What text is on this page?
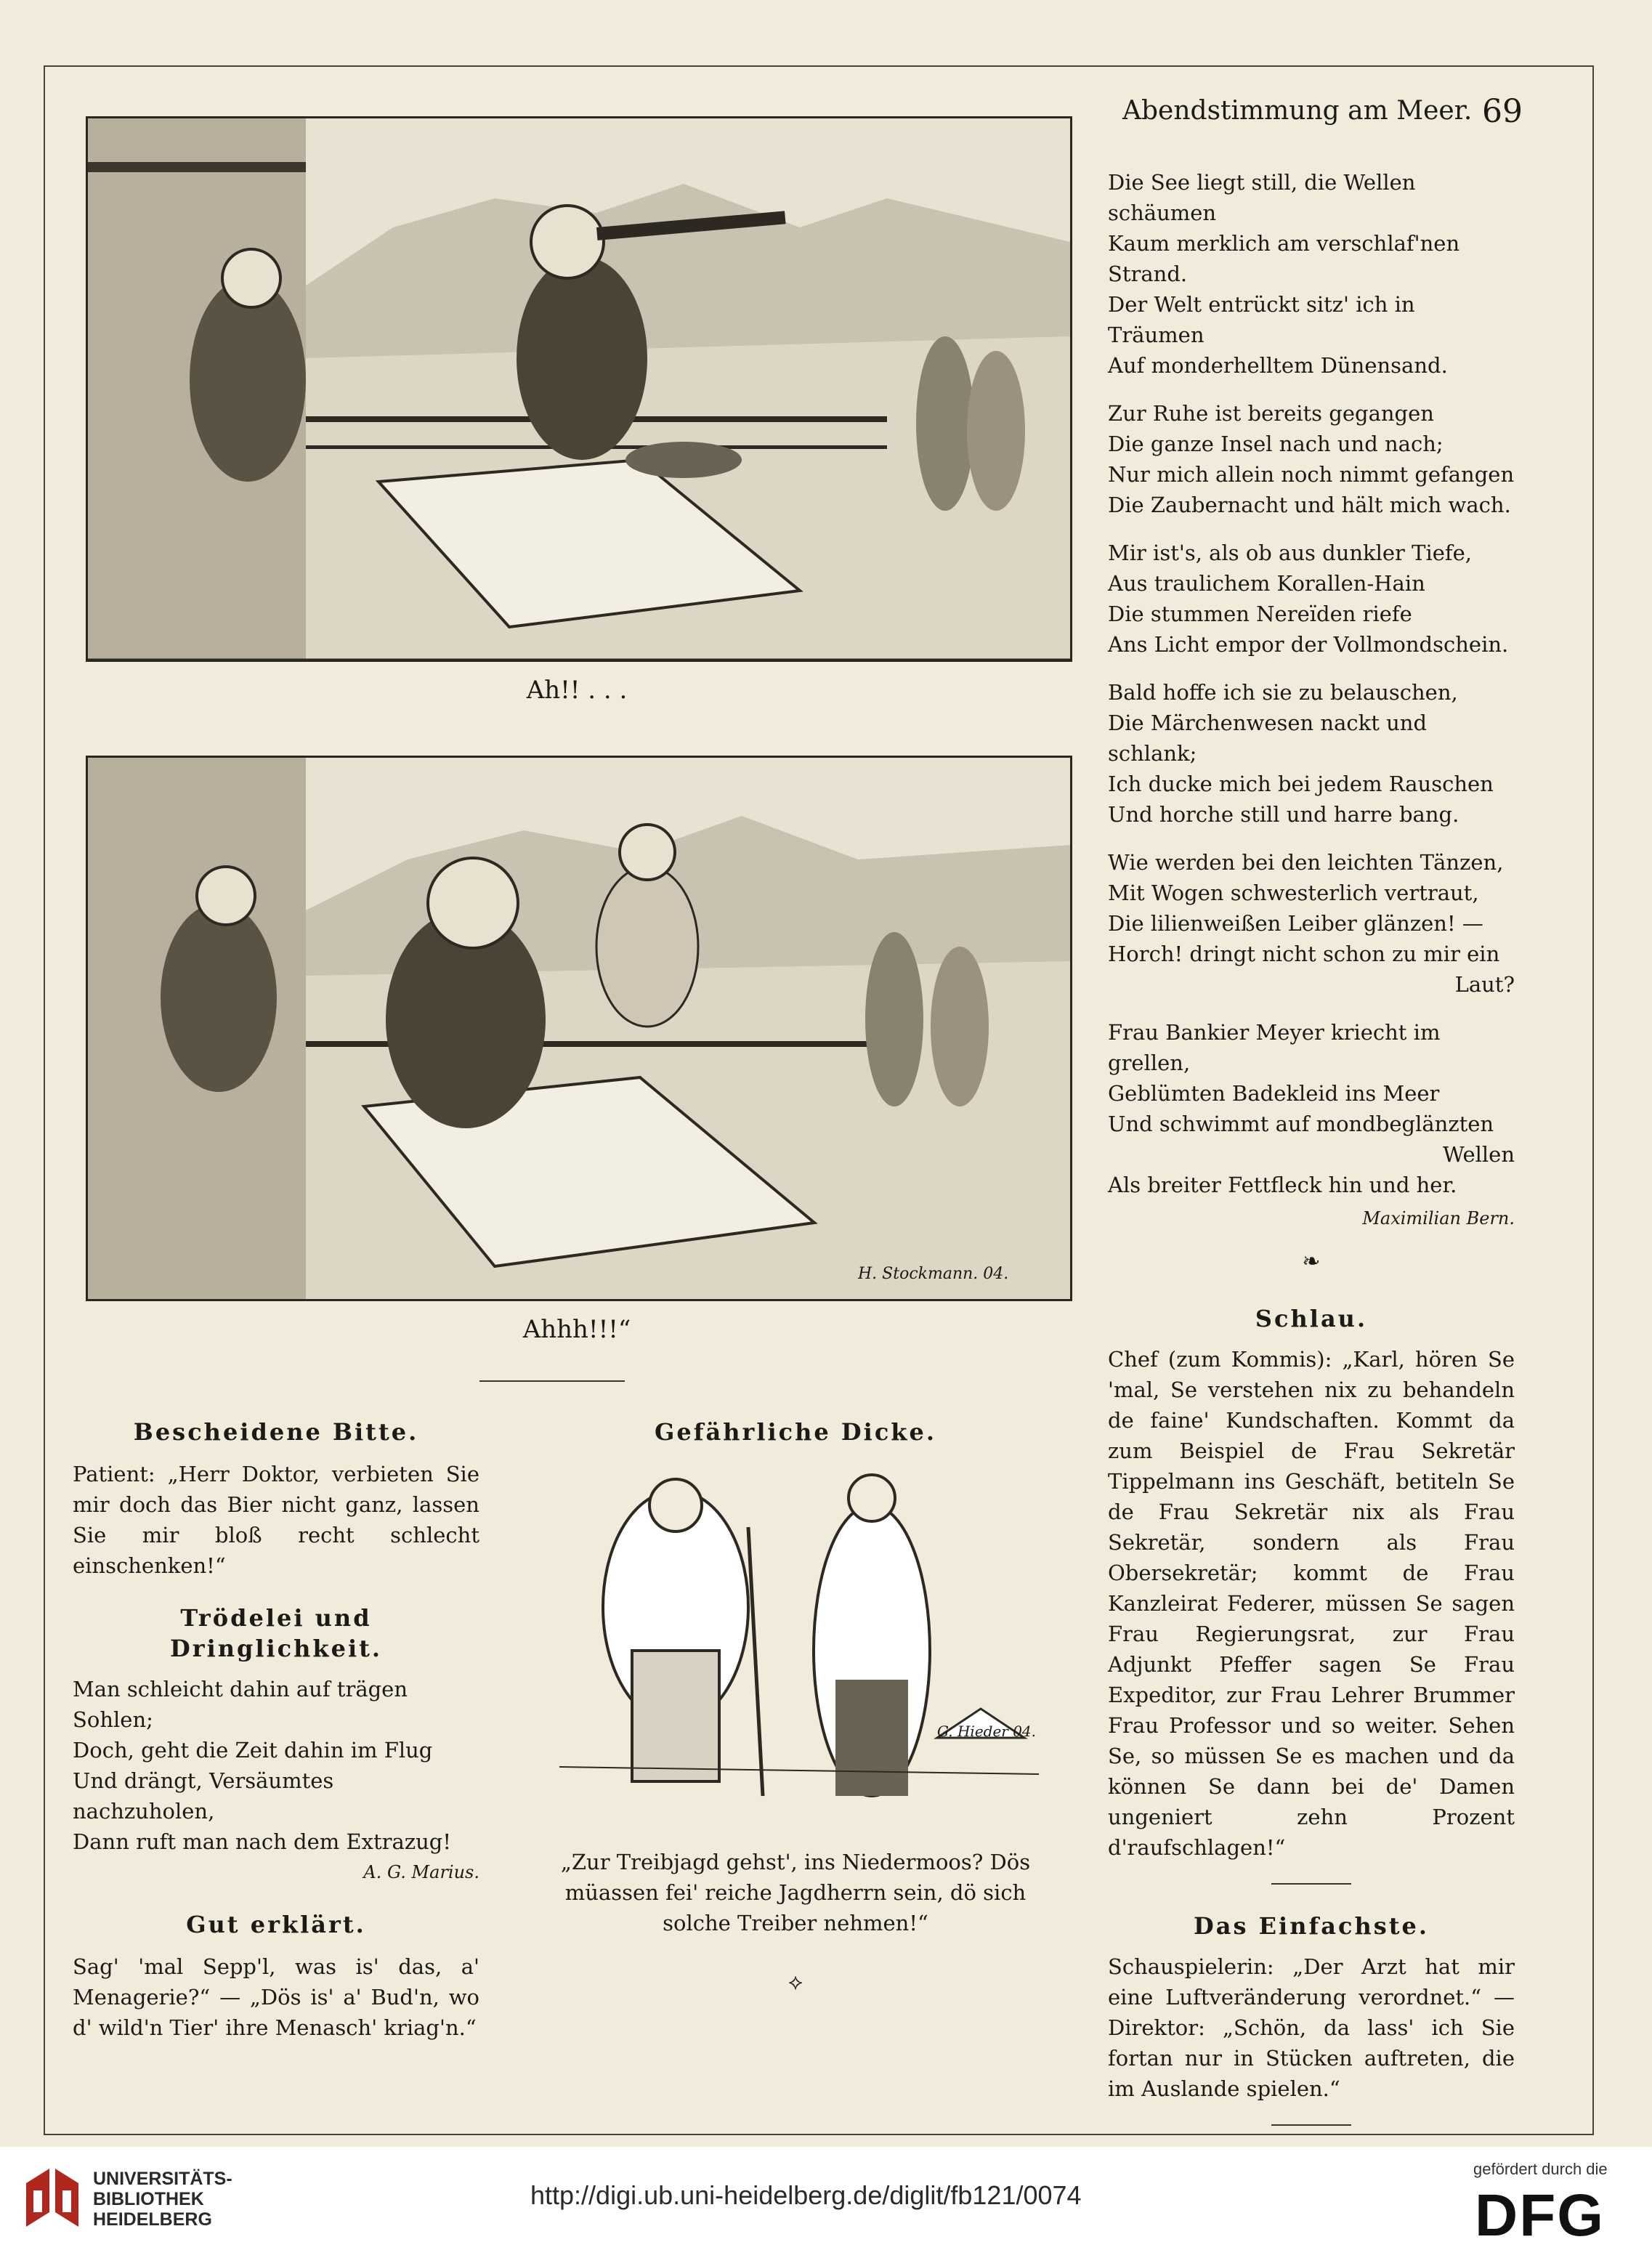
Abendstimmung am Meer. 69
Ah!! . . .
H. Stockmann. 04.
Ahhh!!!“
Bescheidene Bitte.
Patient: „Herr Doktor, verbieten Sie mir doch das Bier nicht ganz, lassen Sie mir bloß recht schlecht einschenken!“
Trödelei und Dringlichkeit.
Man schleicht dahin auf trägen Sohlen;
Doch, geht die Zeit dahin im Flug
Und drängt, Versäumtes nachzuholen,
Dann ruft man nach dem Extrazug!
A. G. Marius.
Gut erklärt.
Sag' 'mal Sepp'l, was is' das, a' Menagerie?“ — „Dös is' a' Bud'n, wo d' wild'n Tier' ihre Menasch' kriag'n.“
Gefährliche Dicke.
G. Hieder 04.
„Zur Treibjagd gehst', ins Niedermoos? Dös müassen fei' reiche Jagdherrn sein, dö sich solche Treiber nehmen!“
⟡

Die See liegt still, die Wellen schäumen
Kaum merklich am verschlaf'nen Strand.
Der Welt entrückt sitz' ich in Träumen
Auf monderhelltem Dünensand.

Zur Ruhe ist bereits gegangen
Die ganze Insel nach und nach;
Nur mich allein noch nimmt gefangen
Die Zaubernacht und hält mich wach.

Mir ist's, als ob aus dunkler Tiefe,
Aus traulichem Korallen-Hain
Die stummen Nereïden riefe
Ans Licht empor der Vollmondschein.

Bald hoffe ich sie zu belauschen,
Die Märchenwesen nackt und schlank;
Ich ducke mich bei jedem Rauschen
Und horche still und harre bang.

Wie werden bei den leichten Tänzen,
Mit Wogen schwesterlich vertraut,
Die lilienweißen Leiber glänzen! —
Horch! dringt nicht schon zu mir ein
Laut?

Frau Bankier Meyer kriecht im grellen,
Geblümten Badekleid ins Meer
Und schwimmt auf mondbeglänzten
Wellen
Als breiter Fettfleck hin und her.

Maximilian Bern.
❧
Schlau.
Chef (zum Kommis): „Karl, hören Se 'mal, Se verstehen nix zu behandeln de faine' Kundschaften. Kommt da zum Beispiel de Frau Sekretär Tippelmann ins Geschäft, betiteln Se de Frau Sekretär nix als Frau Sekretär, sondern als Frau Obersekretär; kommt de Frau Kanzleirat Federer, müssen Se sagen Frau Regierungsrat, zur Frau Adjunkt Pfeffer sagen Se Frau Expeditor, zur Frau Lehrer Brummer Frau Professor und so weiter. Sehen Se, so müssen Se es machen und da können Se dann bei de' Damen ungeniert zehn Prozent d'raufschlagen!“
Das Einfachste.
Schauspielerin: „Der Arzt hat mir eine Luftveränderung verordnet.“ — Direktor: „Schön, da lass' ich Sie fortan nur in Stücken auftreten, die im Auslande spielen.“
UNIVERSITÄTS- BIBLIOTHEK HEIDELBERG
http://digi.ub.uni-heidelberg.de/diglit/fb121/0074
gefördert durch die
DFG
